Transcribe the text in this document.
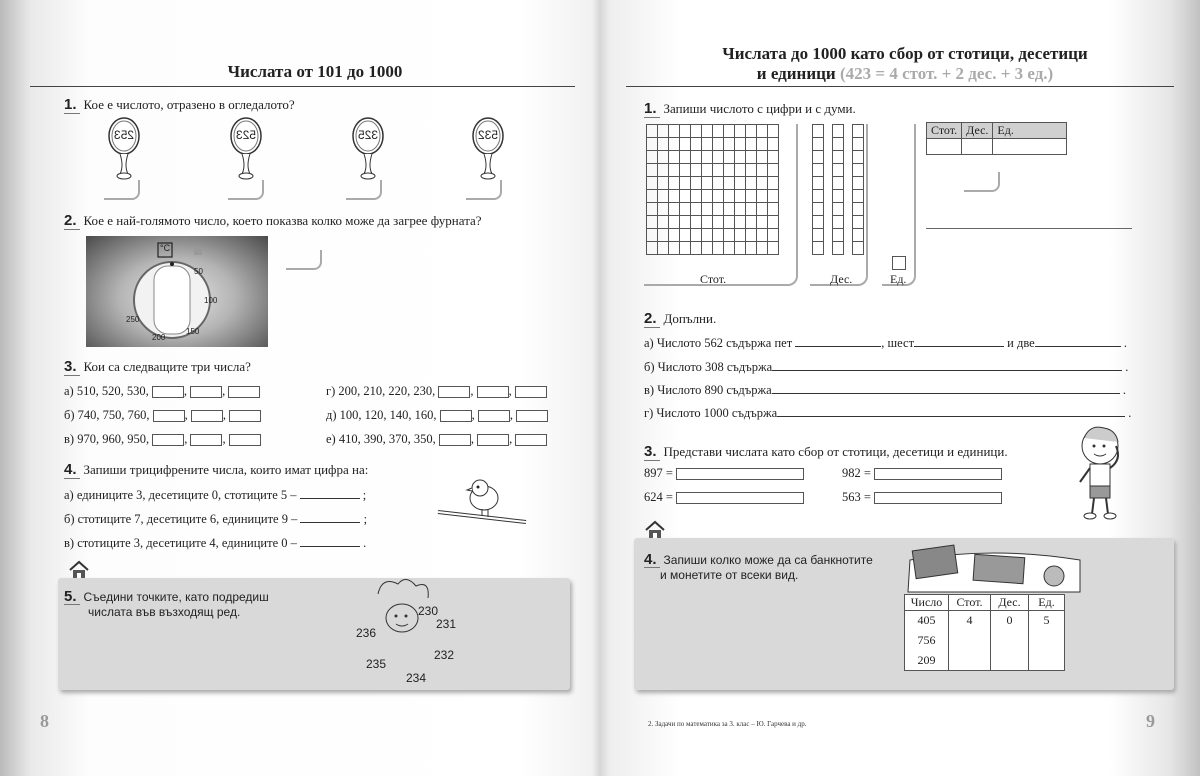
Числата от 101 до 1000
1. Кое е числото, отразено в огледалото?
253	523	325	532
2. Кое е най-голямото число, което показва колко може да загрее фурната?
°C
50
100
150
200
250
3. Кои са следващите три числа?
а) 510, 520, 530,	,	,
б) 740, 750, 760,	,	,
в) 970, 960, 950,	,	,
г) 200, 210, 220, 230,	,	,
д) 100, 120, 140, 160,	,	,
е) 410, 390, 370, 350,	,	,
4. Запиши трицифрените числа, които имат цифра на:
а) единиците 3, десетиците 0, стотиците 5 –	;
б) стотиците 7, десетиците 6, единиците 9 –	;
в) стотиците 3, десетиците 4, единиците 0 –	.
5. Съедини точките, като подредиш
числата във възходящ ред.	230
231
236
235
232
234
8
Числата до 1000 като сбор от стотици, десетици
и единици (423 = 4 стот. + 2 дес. + 3 ед.)
1. Запиши числото с цифри и с думи.

Стот.	Дес.	Ед.
Стот.	Дес.	Ед.

2. Допълни.
а) Числото 562 съдържа пет	, шест	и две	.
б) Числото 308 съдържа	.
в) Числото 890 съдържа	.
г) Числото 1000 съдържа	.
3. Представи числата като сбор от стотици, десетици и единици.
897 =	982 =
624 =	563 =
4. Запиши колко може да са банкнотите
и монетите от всеки вид.
Число	Стот.	Дес.	Ед.
405	4	0	5
756			
209			
2. Задачи по математика за 3. клас – Ю. Гарчева и др.	9
